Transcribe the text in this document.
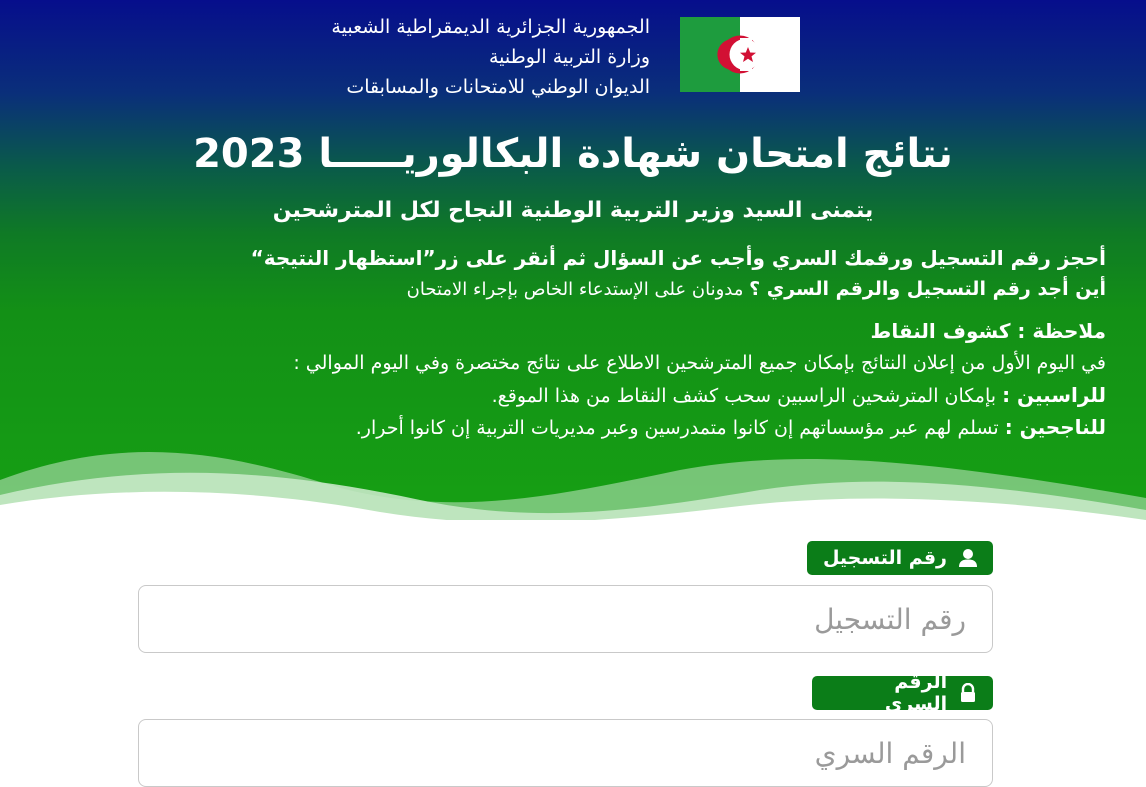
الجمهورية الجزائرية الديمقراطية الشعبية
وزارة التربية الوطنية
الديوان الوطني للامتحانات والمسابقات
نتائج امتحان شهادة البكالوريـــــا 2023
يتمنى السيد وزير التربية الوطنية النجاح لكل المترشحين
أحجز رقم التسجيل ورقمك السري وأجب عن السؤال ثم أنقر على زر”استظهار النتيجة“
أين أجد رقم التسجيل والرقم السري ؟ مدونان على الإستدعاء الخاص بإجراء الامتحان
ملاحظة : كشوف النقاط
في اليوم الأول من إعلان النتائج بإمكان جميع المترشحين الاطلاع على نتائج مختصرة وفي اليوم الموالي :
للراسبين : بإمكان المترشحين الراسبين سحب كشف النقاط من هذا الموقع.
للناجحين : تسلم لهم عبر مؤسساتهم إن كانوا متمدرسين وعبر مديريات التربية إن كانوا أحرار.
رقم التسجيل
رقم التسجيل
الرقم السري
